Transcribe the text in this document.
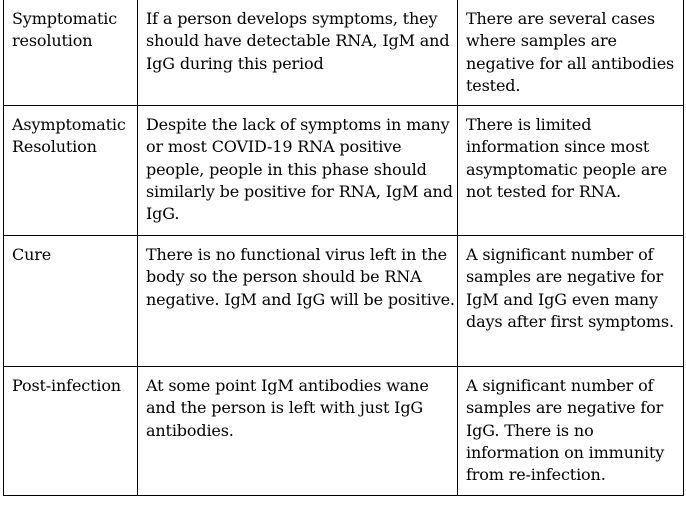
Symptomatic resolution	If a person develops symptoms, they should have detectable RNA, IgM and IgG during this period	There are several cases where samples are negative for all antibodies tested.
Asymptomatic Resolution	Despite the lack of symptoms in many or most COVID-19 RNA positive people, people in this phase should similarly be positive for RNA, IgM and IgG.	There is limited information since most asymptomatic people are not tested for RNA.
Cure	There is no functional virus left in the body so the person should be RNA negative. IgM and IgG will be positive.	A significant number of samples are negative for IgM and IgG even many days after first symptoms.
Post-infection	At some point IgM antibodies wane and the person is left with just IgG antibodies.	A significant number of samples are negative for IgG. There is no information on immunity from re-infection.
